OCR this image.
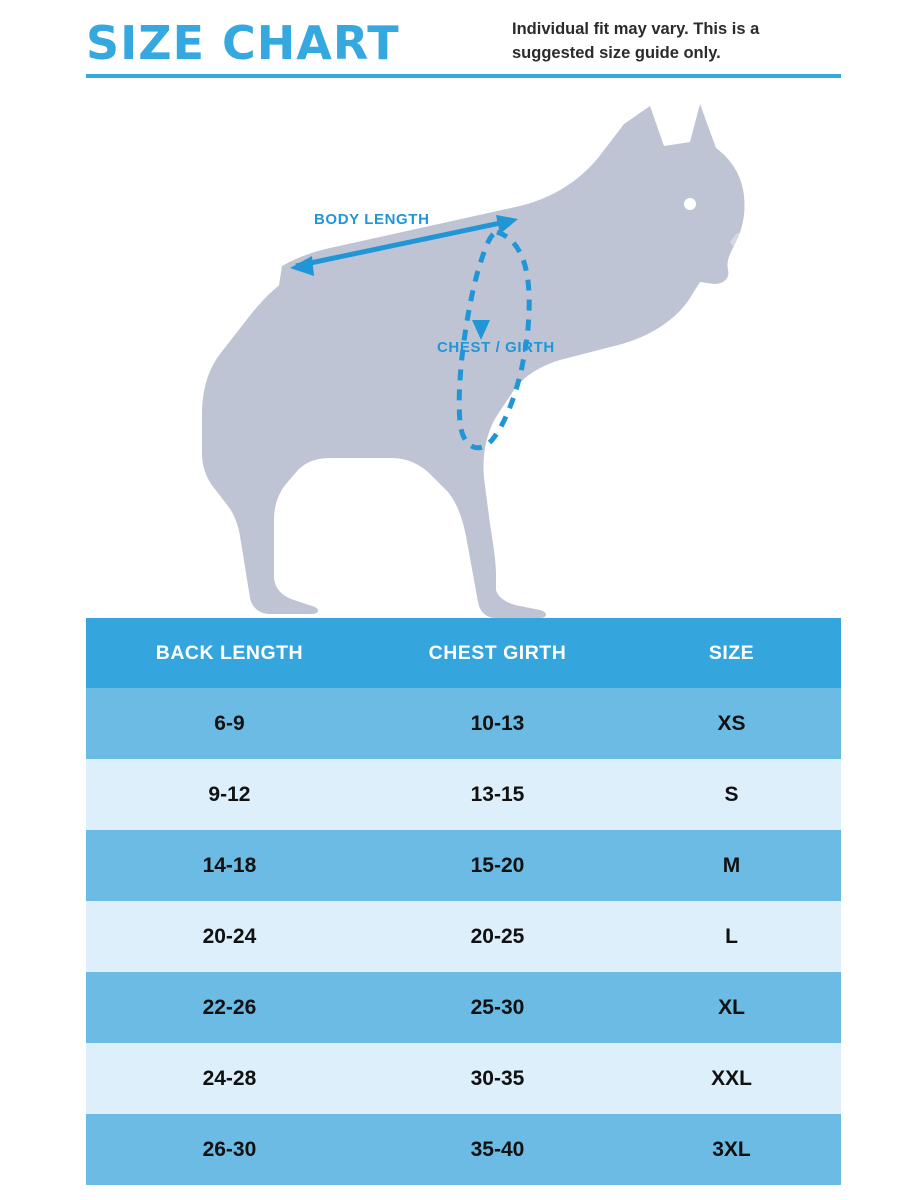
SIZE CHART	Individual fit may vary. This is a suggested size guide only.
BODY LENGTH
CHEST / GIRTH
BACK LENGTH	CHEST GIRTH	SIZE
6-9	10-13	XS
9-12	13-15	S
14-18	15-20	M
20-24	20-25	L
22-26	25-30	XL
24-28	30-35	XXL
26-30	35-40	3XL
